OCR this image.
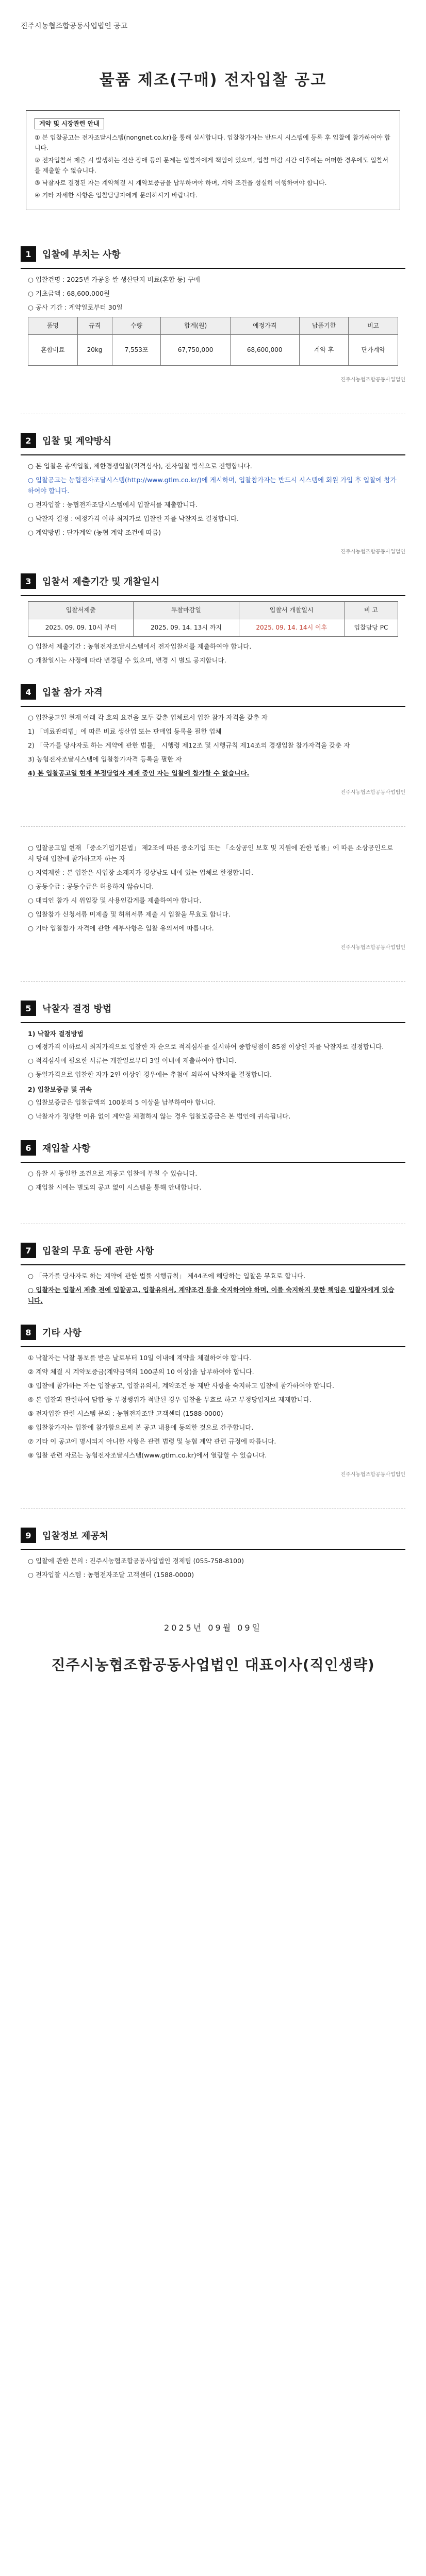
진주시농협조합공동사업법인 공고
물품 제조(구매) 전자입찰 공고
계약 및 시장관련 안내

① 본 입찰공고는 전자조달시스템(nongnet.co.kr)을 통해 실시합니다. 입찰참가자는 반드시 시스템에 등록 후 입찰에 참가하여야 합니다.

② 전자입찰서 제출 시 발생하는 전산 장애 등의 문제는 입찰자에게 책임이 있으며, 입찰 마감 시간 이후에는 어떠한 경우에도 입찰서를 제출할 수 없습니다.

③ 낙찰자로 결정된 자는 계약체결 시 계약보증금을 납부하여야 하며, 계약 조건을 성실히 이행하여야 합니다.

④ 기타 자세한 사항은 입찰담당자에게 문의하시기 바랍니다.

1	입찰에 부치는 사항

○ 입찰건명 : 2025년 가공용 쌀 생산단지 비료(혼합 등) 구매

○ 기초금액 : 68,600,000원

○ 공사 기간 : 계약일로부터 30일

품명	규격	수량	합계(원)	예정가격	납품기한	비고
혼합비료	20kg	7,553포	67,750,000	68,600,000	계약 후	단가계약
진주시농협조합공동사업법인
2	입찰 및 계약방식

○ 본 입찰은 총액입찰, 제한경쟁입찰(적격심사), 전자입찰 방식으로 진행합니다.

○ 입찰공고는 농협전자조달시스템(http://www.gtlm.co.kr/)에 게시하며, 입찰참가자는 반드시 시스템에 회원 가입 후 입찰에 참가하여야 합니다.

○ 전자입찰 : 농협전자조달시스템에서 입찰서를 제출합니다.

○ 낙찰자 결정 : 예정가격 이하 최저가로 입찰한 자를 낙찰자로 결정합니다.

○ 계약방법 : 단가계약 (농협 계약 조건에 따름)

진주시농협조합공동사업법인
3	입찰서 제출기간 및 개찰일시
입찰서제출	투찰마감일	입찰서 개찰일시	비 고
2025. 09. 09. 10시 부터	2025. 09. 14. 13시 까지	2025. 09. 14. 14시 이후	입찰담당 PC

○ 입찰서 제출기간 : 농협전자조달시스템에서 전자입찰서를 제출하여야 합니다.

○ 개찰일시는 사정에 따라 변경될 수 있으며, 변경 시 별도 공지합니다.

4	입찰 참가 자격

○ 입찰공고일 현재 아래 각 호의 요건을 모두 갖춘 업체로서 입찰 참가 자격을 갖춘 자

1) 「비료관리법」에 따른 비료 생산업 또는 판매업 등록을 필한 업체

2) 「국가를 당사자로 하는 계약에 관한 법률」 시행령 제12조 및 시행규칙 제14조의 경쟁입찰 참가자격을 갖춘 자

3) 농협전자조달시스템에 입찰참가자격 등록을 필한 자

4) 본 입찰공고일 현재 부정당업자 제재 중인 자는 입찰에 참가할 수 없습니다.

진주시농협조합공동사업법인

○ 입찰공고일 현재 「중소기업기본법」 제2조에 따른 중소기업 또는 「소상공인 보호 및 지원에 관한 법률」에 따른 소상공인으로서 당해 입찰에 참가하고자 하는 자

○ 지역제한 : 본 입찰은 사업장 소재지가 경상남도 내에 있는 업체로 한정합니다.

○ 공동수급 : 공동수급은 허용하지 않습니다.

○ 대리인 참가 시 위임장 및 사용인감계를 제출하여야 합니다.

○ 입찰참가 신청서류 미제출 및 허위서류 제출 시 입찰을 무효로 합니다.

○ 기타 입찰참가 자격에 관한 세부사항은 입찰 유의서에 따릅니다.

진주시농협조합공동사업법인
5	낙찰자 결정 방법
1) 낙찰자 결정방법

○ 예정가격 이하로서 최저가격으로 입찰한 자 순으로 적격심사를 실시하여 종합평점이 85점 이상인 자를 낙찰자로 결정합니다.

○ 적격심사에 필요한 서류는 개찰일로부터 3일 이내에 제출하여야 합니다.

○ 동일가격으로 입찰한 자가 2인 이상인 경우에는 추첨에 의하여 낙찰자를 결정합니다.

2) 입찰보증금 및 귀속

○ 입찰보증금은 입찰금액의 100분의 5 이상을 납부하여야 합니다.

○ 낙찰자가 정당한 이유 없이 계약을 체결하지 않는 경우 입찰보증금은 본 법인에 귀속됩니다.

6	재입찰 사항

○ 유찰 시 동일한 조건으로 재공고 입찰에 부칠 수 있습니다.

○ 재입찰 시에는 별도의 공고 없이 시스템을 통해 안내합니다.

7	입찰의 무효 등에 관한 사항

○ 「국가를 당사자로 하는 계약에 관한 법률 시행규칙」 제44조에 해당하는 입찰은 무효로 합니다.

○ 입찰자는 입찰서 제출 전에 입찰공고, 입찰유의서, 계약조건 등을 숙지하여야 하며, 이를 숙지하지 못한 책임은 입찰자에게 있습니다.

8	기타 사항

① 낙찰자는 낙찰 통보를 받은 날로부터 10일 이내에 계약을 체결하여야 합니다.

② 계약 체결 시 계약보증금(계약금액의 100분의 10 이상)을 납부하여야 합니다.

③ 입찰에 참가하는 자는 입찰공고, 입찰유의서, 계약조건 등 제반 사항을 숙지하고 입찰에 참가하여야 합니다.

④ 본 입찰과 관련하여 담합 등 부정행위가 적발된 경우 입찰을 무효로 하고 부정당업자로 제재합니다.

⑤ 전자입찰 관련 시스템 문의 : 농협전자조달 고객센터 (1588-0000)

⑥ 입찰참가자는 입찰에 참가함으로써 본 공고 내용에 동의한 것으로 간주합니다.

⑦ 기타 이 공고에 명시되지 아니한 사항은 관련 법령 및 농협 계약 관련 규정에 따릅니다.

⑧ 입찰 관련 자료는 농협전자조달시스템(www.gtlm.co.kr)에서 열람할 수 있습니다.

진주시농협조합공동사업법인
9	입찰정보 제공처

○ 입찰에 관한 문의 : 진주시농협조합공동사업법인 경제팀 (055-758-8100)

○ 전자입찰 시스템 : 농협전자조달 고객센터 (1588-0000)

2025년 09월 09일
진주시농협조합공동사업법인 대표이사(직인생략)
